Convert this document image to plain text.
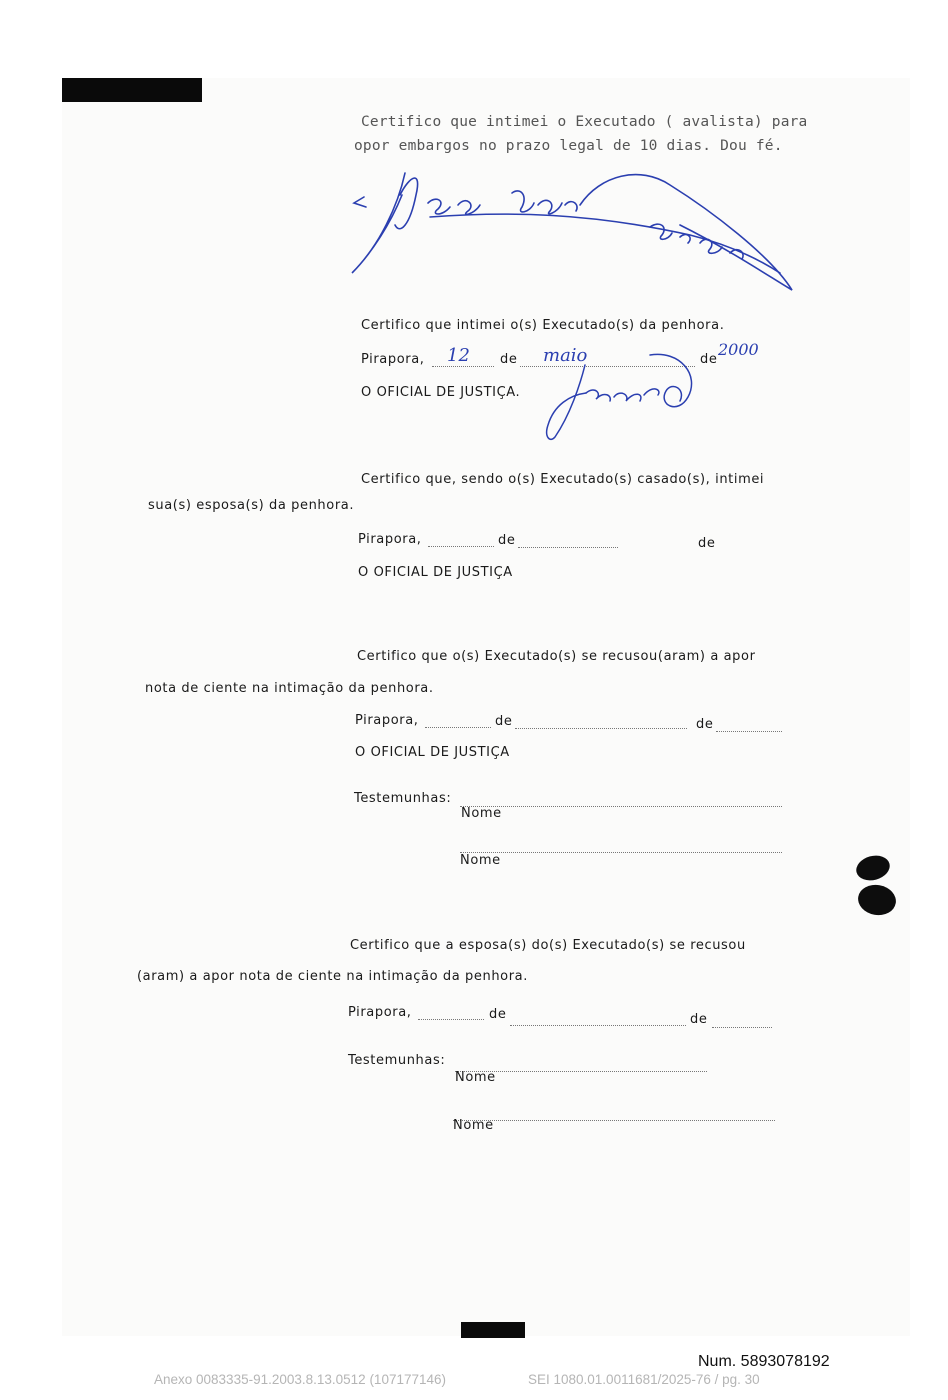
Certifico que intimei o Executado ( avalista) para
opor embargos no prazo legal de 10 dias. Dou fé.
Certifico que intimei o(s) Executado(s) da penhora.
Pirapora, 12 de maio	de
2000
O OFICIAL DE JUSTIÇA.
Certifico que, sendo o(s) Executado(s) casado(s), intimei
sua(s) esposa(s) da penhora.
Pirapora,	de	de
O OFICIAL DE JUSTIÇA
Certifico que o(s) Executado(s) se recusou(aram) a apor
nota de ciente na intimação da penhora.
Pirapora,	de	de
O OFICIAL DE JUSTIÇA
Testemunhas:
Nome
Nome
Certifico que a esposa(s) do(s) Executado(s) se recusou
(aram) a apor nota de ciente na intimação da penhora.
Pirapora,	de	de
Testemunhas:
Nome
Nome
Num. 5893078192
Anexo 0083335-91.2003.8.13.0512 (107177146)	SEI 1080.01.0011681/2025-76 / pg. 30
